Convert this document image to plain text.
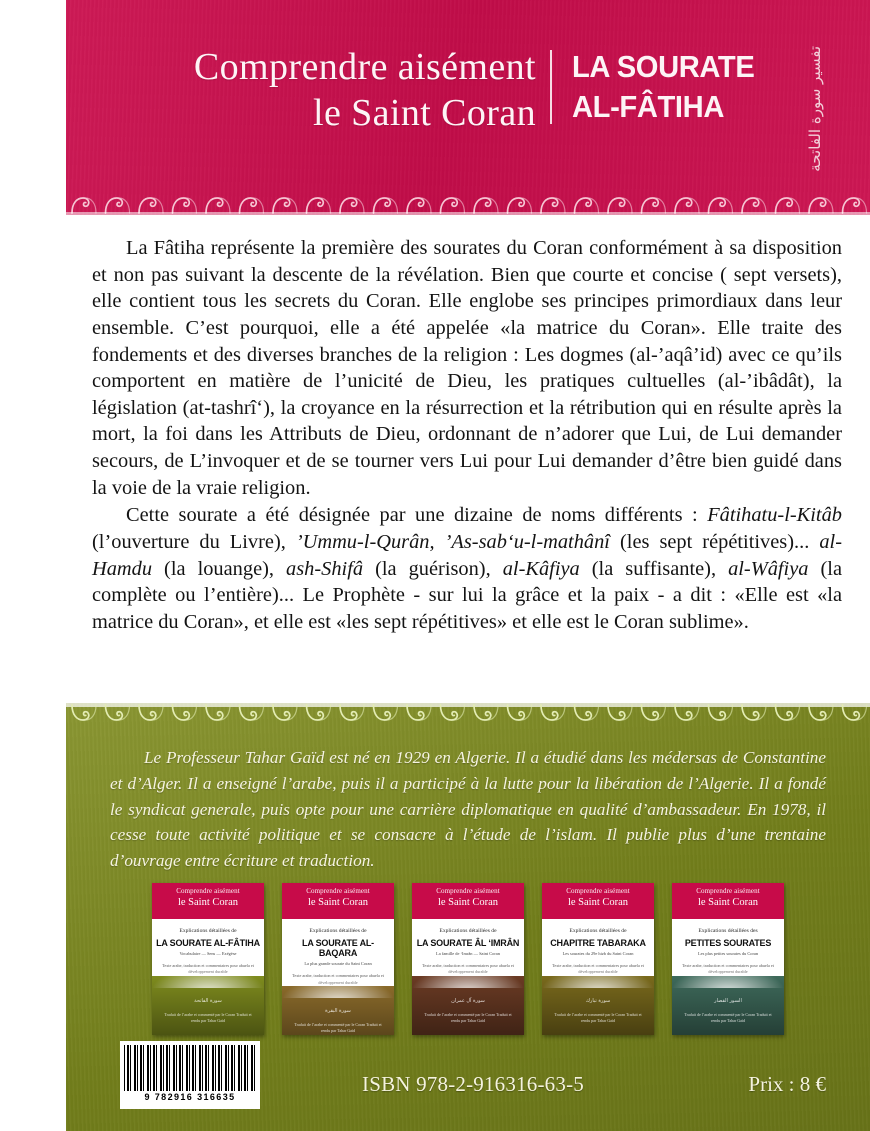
Comprendre aisément
le Saint Coran
LA SOURATE
AL-FÂTIHA	تفسير سورة الفاتحة

La Fâtiha représente la première des sourates du Coran conformément à sa disposition et non pas suivant la descente de la révélation. Bien que courte et concise ( sept versets), elle contient tous les secrets du Coran. Elle englobe ses principes primordiaux dans leur ensemble. C’est pourquoi, elle a été appelée «la matrice du Coran». Elle traite des fondements et des diverses branches de la religion : Les dogmes (al-’aqâ’id) avec ce qu’ils comportent en matière de l’unicité de Dieu, les pratiques cultuelles (al-’ibâdât), la législation (at-tashrî‘), la croyance en la résurrection et la rétribution qui en résulte après la mort, la foi dans les Attributs de Dieu, ordonnant de n’adorer que Lui, de Lui demander secours, de L’invoquer et de se tourner vers Lui pour Lui demander d’être bien guidé dans la voie de la vraie religion.

Cette sourate a été désignée par une dizaine de noms différents : Fâtihatu-l-Kitâb (l’ouverture du Livre), ’Ummu-l-Qurân, ’As-sab‘u-l-mathânî (les sept répétitives)... al-Hamdu (la louange), ash-Shifâ (la guérison), al-Kâfiya (la suffisante), al-Wâfiya (la complète ou l’entière)... Le Prophète - sur lui la grâce et la paix - a dit : «Elle est «la matrice du Coran», et elle est «les sept répétitives» et elle est le Coran sublime».

Le Professeur Tahar Gaïd est né en 1929 en Algerie. Il a étudié dans les médersas de Constantine et d’Alger. Il a enseigné l’arabe, puis il a participé à la lutte pour la libération de l’Algerie. Il a fondé le syndicat generale, puis opte pour une carrière diplomatique en qualité d’ambassadeur. En 1978, il cesse toute activité politique et se consacre à l’étude de l’islam. Il publie plus d’une trentaine d’ouvrage entre écriture et traduction.
Comprendre aisément
le Saint Coran
Explications détaillées de
LA SOURATE AL-FÂTIHA
Vocabulaire — Sens — Exégèse
سورة الفاتحة
Traduit de l’arabe et commenté par le Coran Traduit et rendu par Tahar Gaïd
Comprendre aisément
le Saint Coran
Explications détaillées de
LA SOURATE AL-BAQARA
La plus grande sourate du Saint Coran
سورة البقرة
Traduit de l’arabe et commenté par le Coran Traduit et rendu par Tahar Gaïd
Comprendre aisément
le Saint Coran
Explications détaillées de
LA SOURATE ÂL ‘IMRÂN
La famille de ‘Imrân — Saint Coran
سورة آل عمران
Traduit de l’arabe et commenté par le Coran Traduit et rendu par Tahar Gaïd
Comprendre aisément
le Saint Coran
Explications détaillées de
CHAPITRE TABARAKA
Les sourates du 29e hizb du Saint Coran
سورة تبارك
Traduit de l’arabe et commenté par le Coran Traduit et rendu par Tahar Gaïd
Comprendre aisément
le Saint Coran
Explications détaillées des
PETITES SOURATES
Les plus petites sourates du Coran
السور القصار
Traduit de l’arabe et commenté par le Coran Traduit et rendu par Tahar Gaïd
9 782916 316635
ISBN 978-2-916316-63-5	Prix : 8 €
